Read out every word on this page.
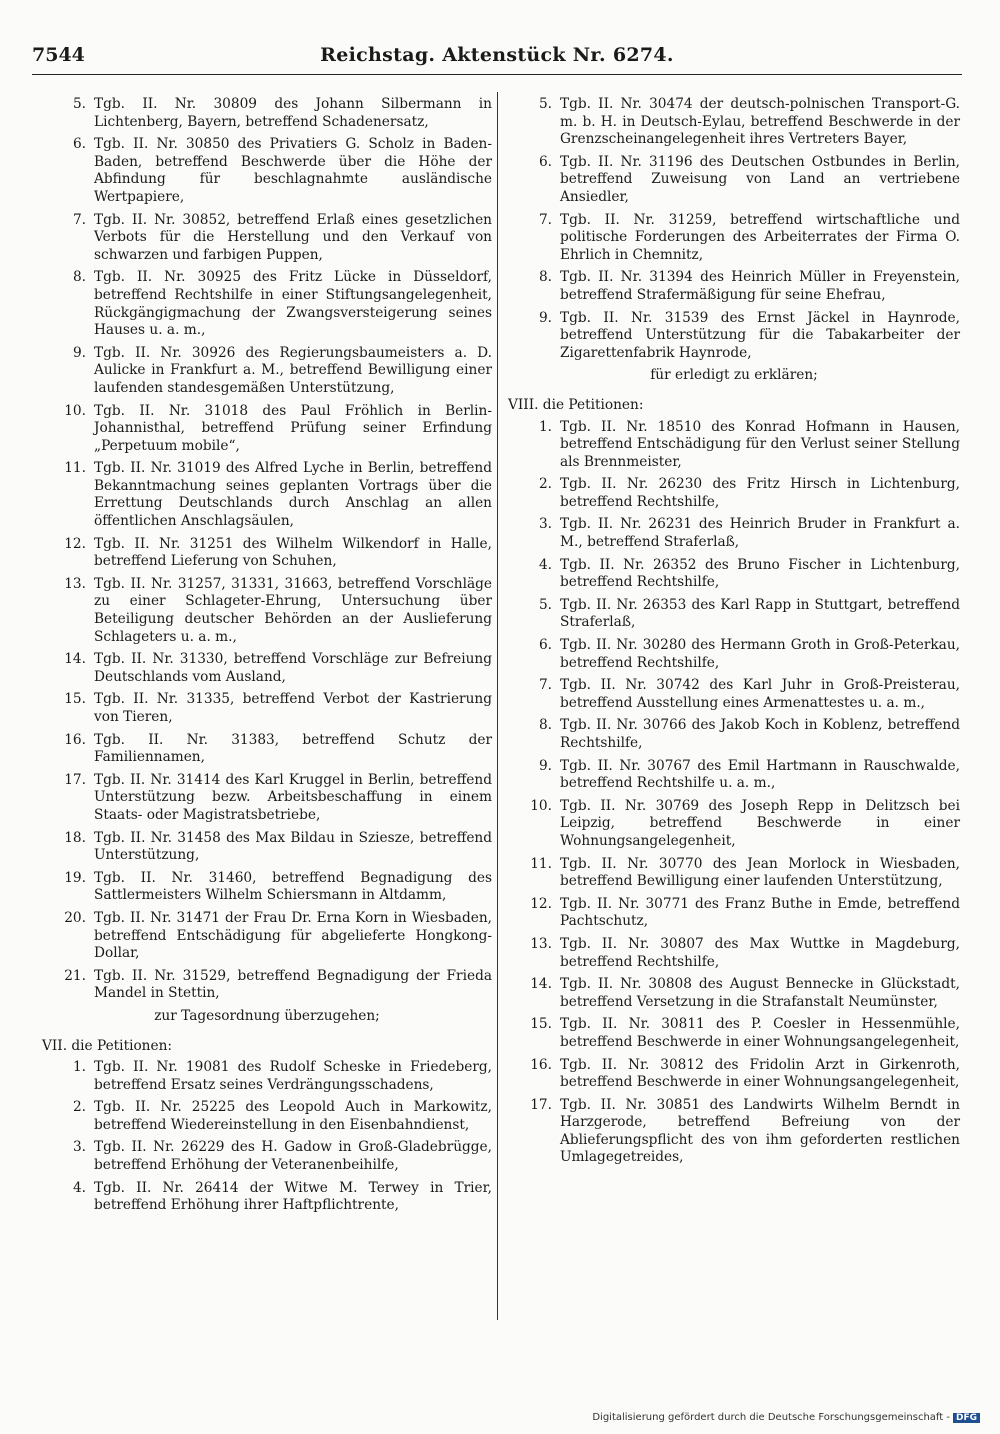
7544	Reichstag. Aktenstück Nr. 6274.
5. Tgb. II. Nr. 30809 des Johann Silbermann in Lichtenberg, Bayern, betreffend Schadenersatz,
6. Tgb. II. Nr. 30850 des Privatiers G. Scholz in Baden-Baden, betreffend Beschwerde über die Höhe der Abfindung für beschlagnahmte ausländische Wertpapiere,
7. Tgb. II. Nr. 30852, betreffend Erlaß eines gesetzlichen Verbots für die Herstellung und den Verkauf von schwarzen und farbigen Puppen,
8. Tgb. II. Nr. 30925 des Fritz Lücke in Düsseldorf, betreffend Rechtshilfe in einer Stiftungsangelegenheit, Rückgängigmachung der Zwangsversteigerung seines Hauses u. a. m.,
9. Tgb. II. Nr. 30926 des Regierungsbaumeisters a. D. Aulicke in Frankfurt a. M., betreffend Bewilligung einer laufenden standesgemäßen Unterstützung,
10. Tgb. II. Nr. 31018 des Paul Fröhlich in Berlin-Johannisthal, betreffend Prüfung seiner Erfindung „Perpetuum mobile“,
11. Tgb. II. Nr. 31019 des Alfred Lyche in Berlin, betreffend Bekanntmachung seines geplanten Vortrags über die Errettung Deutschlands durch Anschlag an allen öffentlichen Anschlagsäulen,
12. Tgb. II. Nr. 31251 des Wilhelm Wilkendorf in Halle, betreffend Lieferung von Schuhen,
13. Tgb. II. Nr. 31257, 31331, 31663, betreffend Vorschläge zu einer Schlageter-Ehrung, Untersuchung über Beteiligung deutscher Behörden an der Auslieferung Schlageters u. a. m.,
14. Tgb. II. Nr. 31330, betreffend Vorschläge zur Befreiung Deutschlands vom Ausland,
15. Tgb. II. Nr. 31335, betreffend Verbot der Kastrierung von Tieren,
16. Tgb. II. Nr. 31383, betreffend Schutz der Familiennamen,
17. Tgb. II. Nr. 31414 des Karl Kruggel in Berlin, betreffend Unterstützung bezw. Arbeitsbeschaffung in einem Staats- oder Magistratsbetriebe,
18. Tgb. II. Nr. 31458 des Max Bildau in Sziesze, betreffend Unterstützung,
19. Tgb. II. Nr. 31460, betreffend Begnadigung des Sattlermeisters Wilhelm Schiersmann in Altdamm,
20. Tgb. II. Nr. 31471 der Frau Dr. Erna Korn in Wiesbaden, betreffend Entschädigung für abgelieferte Hongkong-Dollar,
21. Tgb. II. Nr. 31529, betreffend Begnadigung der Frieda Mandel in Stettin,
zur Tagesordnung überzugehen;
VII. die Petitionen:
1. Tgb. II. Nr. 19081 des Rudolf Scheske in Friedeberg, betreffend Ersatz seines Verdrängungsschadens,
2. Tgb. II. Nr. 25225 des Leopold Auch in Markowitz, betreffend Wiedereinstellung in den Eisenbahndienst,
3. Tgb. II. Nr. 26229 des H. Gadow in Groß-Gladebrügge, betreffend Erhöhung der Veteranenbeihilfe,
4. Tgb. II. Nr. 26414 der Witwe M. Terwey in Trier, betreffend Erhöhung ihrer Haftpflichtrente,
5. Tgb. II. Nr. 30474 der deutsch-polnischen Transport-G. m. b. H. in Deutsch-Eylau, betreffend Beschwerde in der Grenzscheinangelegenheit ihres Vertreters Bayer,
6. Tgb. II. Nr. 31196 des Deutschen Ostbundes in Berlin, betreffend Zuweisung von Land an vertriebene Ansiedler,
7. Tgb. II. Nr. 31259, betreffend wirtschaftliche und politische Forderungen des Arbeiterrates der Firma O. Ehrlich in Chemnitz,
8. Tgb. II. Nr. 31394 des Heinrich Müller in Freyenstein, betreffend Strafermäßigung für seine Ehefrau,
9. Tgb. II. Nr. 31539 des Ernst Jäckel in Haynrode, betreffend Unterstützung für die Tabakarbeiter der Zigarettenfabrik Haynrode,
für erledigt zu erklären;
VIII. die Petitionen:
1. Tgb. II. Nr. 18510 des Konrad Hofmann in Hausen, betreffend Entschädigung für den Verlust seiner Stellung als Brennmeister,
2. Tgb. II. Nr. 26230 des Fritz Hirsch in Lichtenburg, betreffend Rechtshilfe,
3. Tgb. II. Nr. 26231 des Heinrich Bruder in Frankfurt a. M., betreffend Straferlaß,
4. Tgb. II. Nr. 26352 des Bruno Fischer in Lichtenburg, betreffend Rechtshilfe,
5. Tgb. II. Nr. 26353 des Karl Rapp in Stuttgart, betreffend Straferlaß,
6. Tgb. II. Nr. 30280 des Hermann Groth in Groß-Peterkau, betreffend Rechtshilfe,
7. Tgb. II. Nr. 30742 des Karl Juhr in Groß-Preisterau, betreffend Ausstellung eines Armenattestes u. a. m.,
8. Tgb. II. Nr. 30766 des Jakob Koch in Koblenz, betreffend Rechtshilfe,
9. Tgb. II. Nr. 30767 des Emil Hartmann in Rauschwalde, betreffend Rechtshilfe u. a. m.,
10. Tgb. II. Nr. 30769 des Joseph Repp in Delitzsch bei Leipzig, betreffend Beschwerde in einer Wohnungsangelegenheit,
11. Tgb. II. Nr. 30770 des Jean Morlock in Wiesbaden, betreffend Bewilligung einer laufenden Unterstützung,
12. Tgb. II. Nr. 30771 des Franz Buthe in Emde, betreffend Pachtschutz,
13. Tgb. II. Nr. 30807 des Max Wuttke in Magdeburg, betreffend Rechtshilfe,
14. Tgb. II. Nr. 30808 des August Bennecke in Glückstadt, betreffend Versetzung in die Strafanstalt Neumünster,
15. Tgb. II. Nr. 30811 des P. Coesler in Hessenmühle, betreffend Beschwerde in einer Wohnungsangelegenheit,
16. Tgb. II. Nr. 30812 des Fridolin Arzt in Girkenroth, betreffend Beschwerde in einer Wohnungsangelegenheit,
17. Tgb. II. Nr. 30851 des Landwirts Wilhelm Berndt in Harzgerode, betreffend Befreiung von der Ablieferungspflicht des von ihm geforderten restlichen Umlagegetreides,
Digitalisierung gefördert durch die Deutsche Forschungsgemeinschaft - DFG
